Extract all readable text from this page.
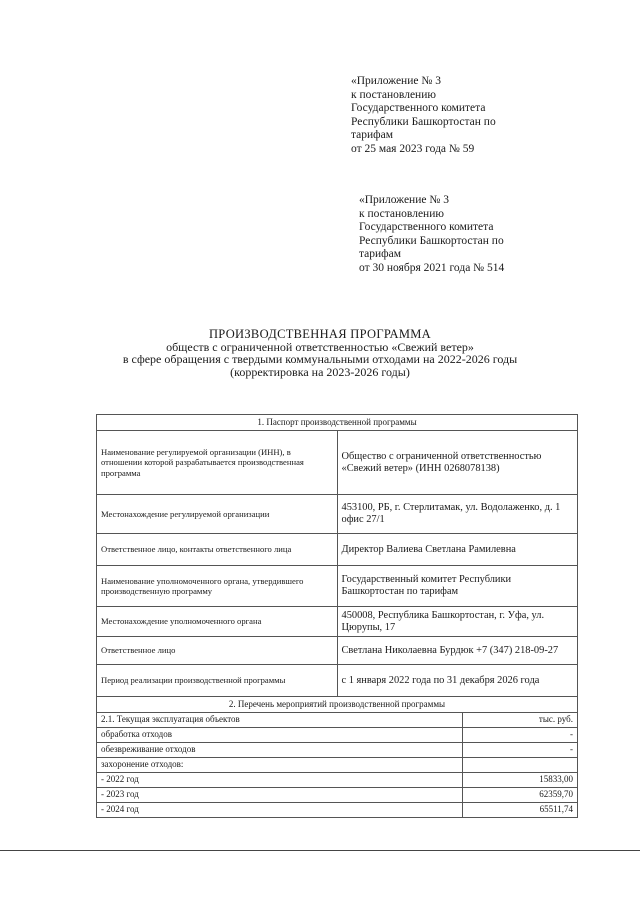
«Приложение № 3
к постановлению
Государственного комитета
Республики Башкортостан по
тарифам
от 25 мая 2023 года № 59
«Приложение № 3
к постановлению
Государственного комитета
Республики Башкортостан по
тарифам
от 30 ноября 2021 года № 514
ПРОИЗВОДСТВЕННАЯ ПРОГРАММА
обществ с ограниченной ответственностью «Свежий ветер»
в сфере обращения с твердыми коммунальными отходами на 2022-2026 годы
(корректировка на 2023-2026 годы)
1. Паспорт производственной программы	
Наименование регулируемой организации (ИНН), в отношении которой разрабатывается производственная программа	Общество с ограниченной ответственностью «Свежий ветер» (ИНН 0268078138)
Местонахождение регулируемой организации	453100, РБ, г. Стерлитамак, ул. Водолаженко, д. 1 офис 27/1
Ответственное лицо, контакты ответственного лица	Директор Валиева Светлана Рамилевна
Наименование уполномоченного органа, утвердившего производственную программу	Государственный комитет Республики Башкортостан по тарифам
Местонахождение уполномоченного органа	450008, Республика Башкортостан, г. Уфа, ул. Цюрупы, 17
Ответственное лицо	Светлана Николаевна Бурдюк +7 (347) 218-09-27
Период реализации производственной программы	с 1 января 2022 года по 31 декабря 2026 года
2. Перечень мероприятий производственной программы	

2.1. Текущая эксплуатация объектов тыс. руб.	

обработка отходов -	

обезвреживание отходов -	

захоронение отходов:	

- 2022 год 15833,00	

- 2023 год 62359,70	

- 2024 год 65511,74	
